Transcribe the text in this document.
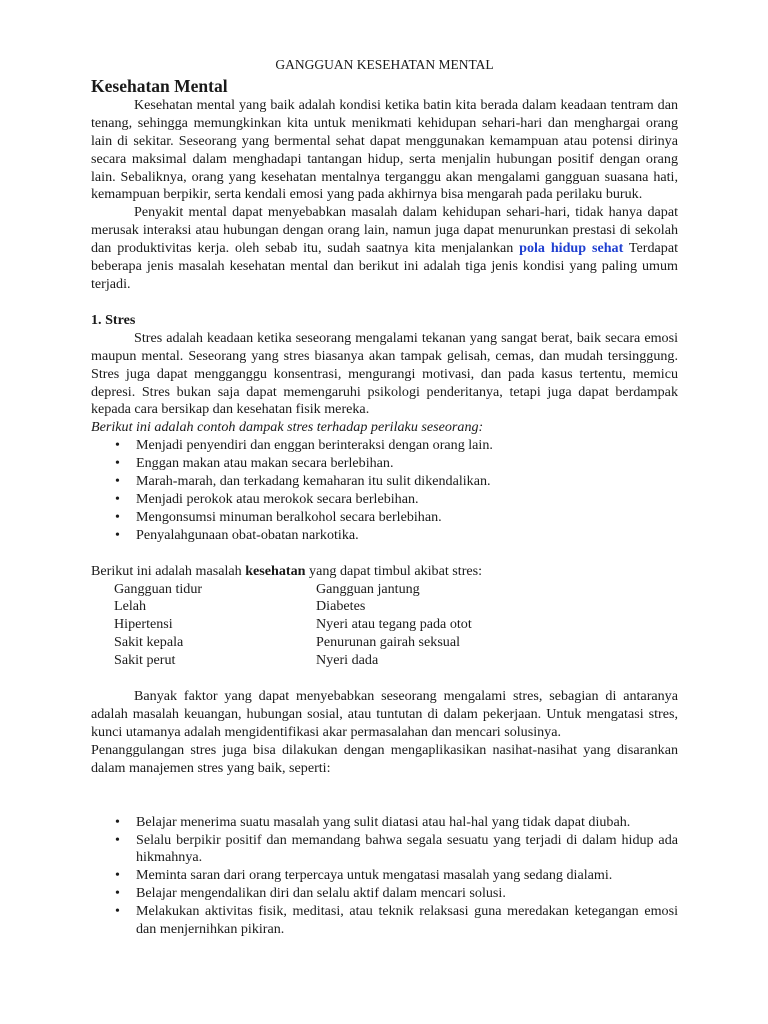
GANGGUAN KESEHATAN MENTAL

Kesehatan Mental

Kesehatan mental yang baik adalah kondisi ketika batin kita berada dalam keadaan tentram dan tenang, sehingga memungkinkan kita untuk menikmati kehidupan sehari-hari dan menghargai orang lain di sekitar. Seseorang yang bermental sehat dapat menggunakan kemampuan atau potensi dirinya secara maksimal dalam menghadapi tantangan hidup, serta menjalin hubungan positif dengan orang lain. Sebaliknya, orang yang kesehatan mentalnya terganggu akan mengalami gangguan suasana hati, kemampuan berpikir, serta kendali emosi yang pada akhirnya bisa mengarah pada perilaku buruk.

Penyakit mental dapat menyebabkan masalah dalam kehidupan sehari-hari, tidak hanya dapat merusak interaksi atau hubungan dengan orang lain, namun juga dapat menurunkan prestasi di sekolah dan produktivitas kerja. oleh sebab itu, sudah saatnya kita menjalankan pola hidup sehat Terdapat beberapa jenis masalah kesehatan mental dan berikut ini adalah tiga jenis kondisi yang paling umum terjadi.

1. Stres

Stres adalah keadaan ketika seseorang mengalami tekanan yang sangat berat, baik secara emosi maupun mental. Seseorang yang stres biasanya akan tampak gelisah, cemas, dan mudah tersinggung. Stres juga dapat mengganggu konsentrasi, mengurangi motivasi, dan pada kasus tertentu, memicu depresi. Stres bukan saja dapat memengaruhi psikologi penderitanya, tetapi juga dapat berdampak kepada cara bersikap dan kesehatan fisik mereka.

Berikut ini adalah contoh dampak stres terhadap perilaku seseorang:

• Menjadi penyendiri dan enggan berinteraksi dengan orang lain.
• Enggan makan atau makan secara berlebihan.
• Marah-marah, dan terkadang kemaharan itu sulit dikendalikan.
• Menjadi perokok atau merokok secara berlebihan.
• Mengonsumsi minuman beralkohol secara berlebihan.
• Penyalahgunaan obat-obatan narkotika.

Berikut ini adalah masalah kesehatan yang dapat timbul akibat stres:

Gangguan tidur	Gangguan jantung
Lelah	Diabetes
Hipertensi	Nyeri atau tegang pada otot
Sakit kepala	Penurunan gairah seksual
Sakit perut	Nyeri dada

Banyak faktor yang dapat menyebabkan seseorang mengalami stres, sebagian di antaranya adalah masalah keuangan, hubungan sosial, atau tuntutan di dalam pekerjaan. Untuk mengatasi stres, kunci utamanya adalah mengidentifikasi akar permasalahan dan mencari solusinya.

Penanggulangan stres juga bisa dilakukan dengan mengaplikasikan nasihat-nasihat yang disarankan dalam manajemen stres yang baik, seperti:

• Belajar menerima suatu masalah yang sulit diatasi atau hal-hal yang tidak dapat diubah.
• Selalu berpikir positif dan memandang bahwa segala sesuatu yang terjadi di dalam hidup ada hikmahnya.
• Meminta saran dari orang terpercaya untuk mengatasi masalah yang sedang dialami.
• Belajar mengendalikan diri dan selalu aktif dalam mencari solusi.
• Melakukan aktivitas fisik, meditasi, atau teknik relaksasi guna meredakan ketegangan emosi dan menjernihkan pikiran.
